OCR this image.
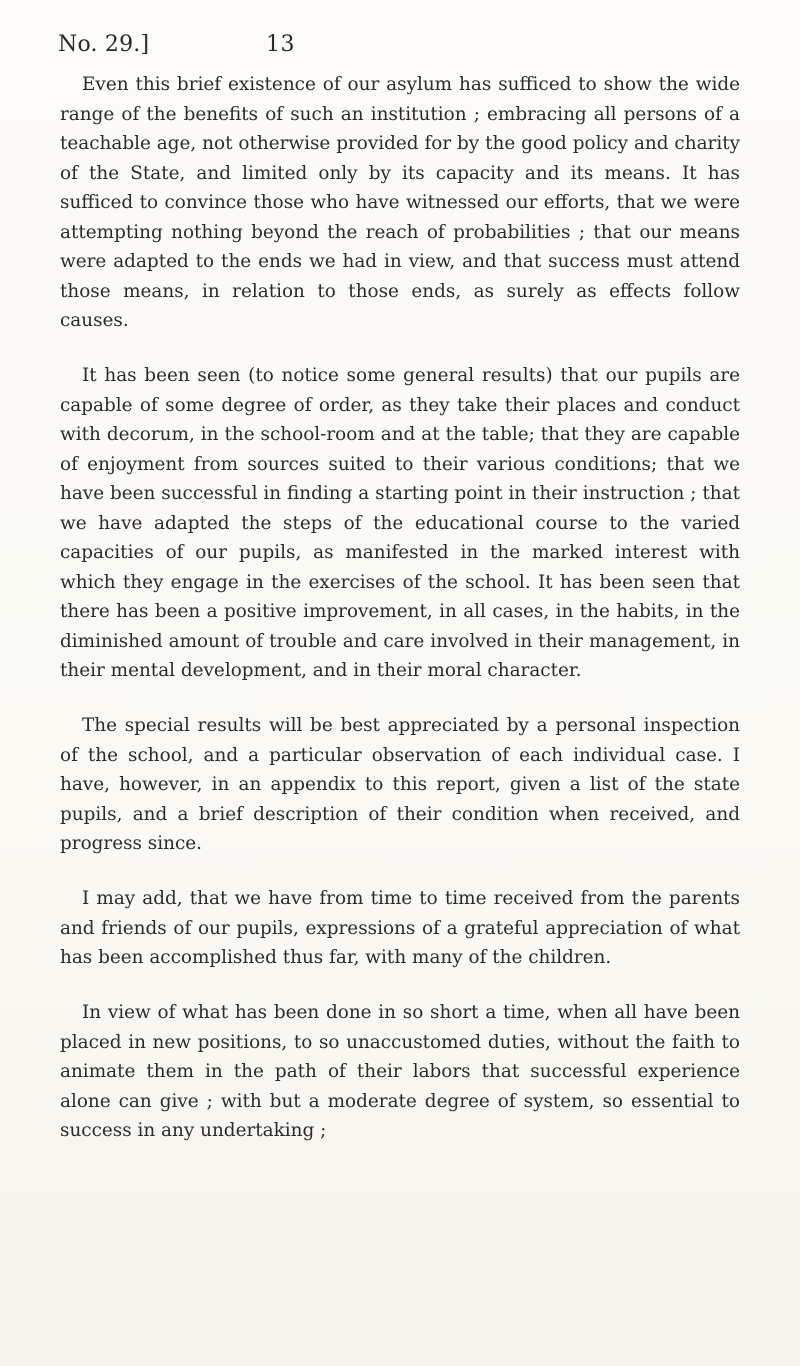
No. 29.]	13

Even this brief existence of our asylum has sufficed to show the wide range of the benefits of such an institution ; embracing all persons of a teachable age, not otherwise provided for by the good policy and charity of the State, and limited only by its capacity and its means. It has sufficed to convince those who have witnessed our efforts, that we were attempting nothing beyond the reach of probabilities ; that our means were adapted to the ends we had in view, and that success must attend those means, in relation to those ends, as surely as effects follow causes.

It has been seen (to notice some general results) that our pupils are capable of some degree of order, as they take their places and conduct with decorum, in the school-room and at the table; that they are capable of enjoyment from sources suited to their various conditions; that we have been successful in finding a starting point in their instruction ; that we have adapted the steps of the educational course to the varied capacities of our pupils, as manifested in the marked interest with which they engage in the exercises of the school. It has been seen that there has been a positive improvement, in all cases, in the habits, in the diminished amount of trouble and care involved in their management, in their mental development, and in their moral character.

The special results will be best appreciated by a personal inspection of the school, and a particular observation of each individual case. I have, however, in an appendix to this report, given a list of the state pupils, and a brief description of their condition when received, and progress since.

I may add, that we have from time to time received from the parents and friends of our pupils, expressions of a grateful appreciation of what has been accomplished thus far, with many of the children.

In view of what has been done in so short a time, when all have been placed in new positions, to so unaccustomed duties, without the faith to animate them in the path of their labors that successful experience alone can give ; with but a moderate degree of system, so essential to success in any undertaking ;
